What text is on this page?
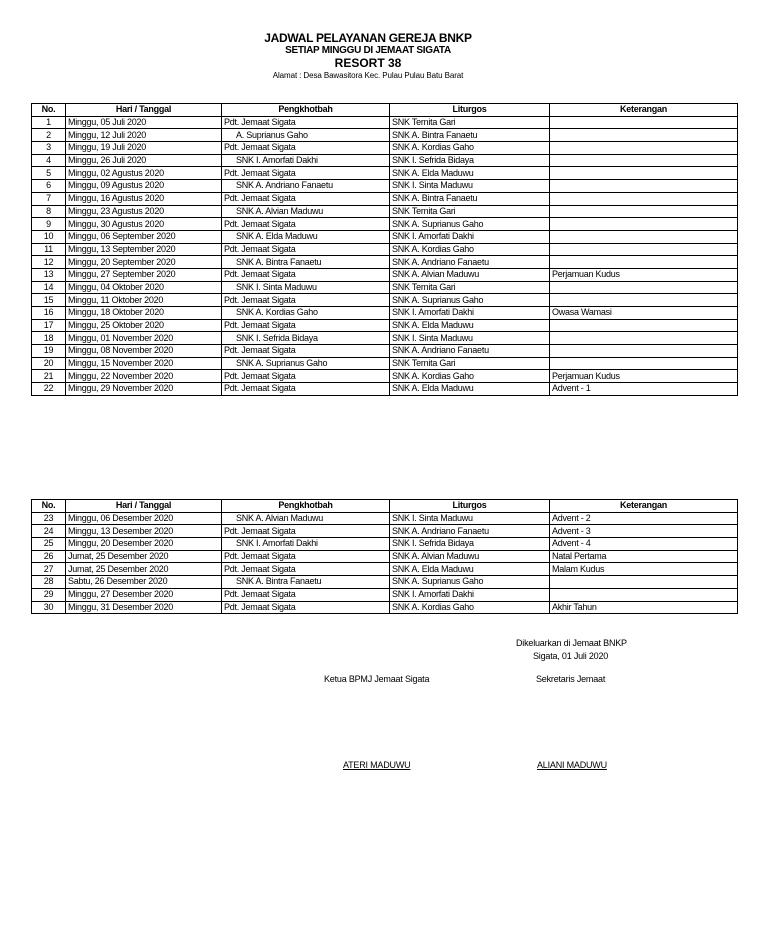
JADWAL PELAYANAN GEREJA BNKP
SETIAP MINGGU DI JEMAAT SIGATA
RESORT 38
Alamat : Desa Bawasitora Kec. Pulau Pulau Batu Barat
No.	Hari / Tanggal	Pengkhotbah	Liturgos	Keterangan
1	Minggu, 05 Juli 2020	Pdt. Jemaat Sigata	SNK Ternita Gari	
2	Minggu, 12 Juli 2020	A. Suprianus Gaho	SNK A. Bintra Fanaetu	
3	Minggu, 19 Juli 2020	Pdt. Jemaat Sigata	SNK A. Kordias Gaho	
4	Minggu, 26 Juli 2020	SNK I. Amorfati Dakhi	SNK I. Sefrida Bidaya	
5	Minggu, 02 Agustus 2020	Pdt. Jemaat Sigata	SNK A. Elda Maduwu	
6	Minggu, 09 Agustus 2020	SNK A. Andriano Fanaetu	SNK I. Sinta Maduwu	
7	Minggu, 16 Agustus 2020	Pdt. Jemaat Sigata	SNK A. Bintra Fanaetu	
8	Minggu, 23 Agustus 2020	SNK A. Alvian Maduwu	SNK Ternita Gari	
9	Minggu, 30 Agustus 2020	Pdt. Jemaat Sigata	SNK A. Suprianus Gaho	
10	Minggu, 06 September 2020	SNK A. Elda Maduwu	SNK I. Amorfati Dakhi	
11	Minggu, 13 September 2020	Pdt. Jemaat Sigata	SNK A. Kordias Gaho	
12	Minggu, 20 September 2020	SNK A. Bintra Fanaetu	SNK A. Andriano Fanaetu	
13	Minggu, 27 September 2020	Pdt. Jemaat Sigata	SNK A. Alvian Maduwu	Perjamuan Kudus
14	Minggu, 04 Oktober 2020	SNK I. Sinta Maduwu	SNK Ternita Gari	
15	Minggu, 11 Oktober 2020	Pdt. Jemaat Sigata	SNK A. Suprianus Gaho	
16	Minggu, 18 Oktober 2020	SNK A. Kordias Gaho	SNK I. Amorfati Dakhi	Owasa Wamasi
17	Minggu, 25 Oktober 2020	Pdt. Jemaat Sigata	SNK A. Elda Maduwu	
18	Minggu, 01 November 2020	SNK I. Sefrida Bidaya	SNK I. Sinta Maduwu	
19	Minggu, 08 November 2020	Pdt. Jemaat Sigata	SNK A. Andriano Fanaetu	
20	Minggu, 15 November 2020	SNK A. Suprianus Gaho	SNK Ternita Gari	
21	Minggu, 22 November 2020	Pdt. Jemaat Sigata	SNK A. Kordias Gaho	Perjamuan Kudus
22	Minggu, 29 November 2020	Pdt. Jemaat Sigata	SNK A. Elda Maduwu	Advent - 1
No.	Hari / Tanggal	Pengkhotbah	Liturgos	Keterangan
23	Minggu, 06 Desember 2020	SNK A. Alvian Maduwu	SNK I. Sinta Maduwu	Advent - 2
24	Minggu, 13 Desember 2020	Pdt. Jemaat Sigata	SNK A. Andriano Fanaetu	Advent - 3
25	Minggu, 20 Desember 2020	SNK I. Amorfati Dakhi	SNK I. Sefrida Bidaya	Advent - 4
26	Jumat, 25 Desember 2020	Pdt. Jemaat Sigata	SNK A. Alvian Maduwu	Natal Pertama
27	Jumat, 25 Desember 2020	Pdt. Jemaat Sigata	SNK A. Elda Maduwu	Malam Kudus
28	Sabtu, 26 Desember 2020	SNK A. Bintra Fanaetu	SNK A. Suprianus Gaho	
29	Minggu, 27 Desember 2020	Pdt. Jemaat Sigata	SNK I. Amorfati Dakhi	
30	Minggu, 31 Desember 2020	Pdt. Jemaat Sigata	SNK A. Kordias Gaho	Akhir Tahun
Dikeluarkan di Jemaat BNKP
Sigata, 01 Juli 2020
Ketua BPMJ Jemaat Sigata	Sekretaris Jemaat
ATERI MADUWU	ALIANI MADUWU
